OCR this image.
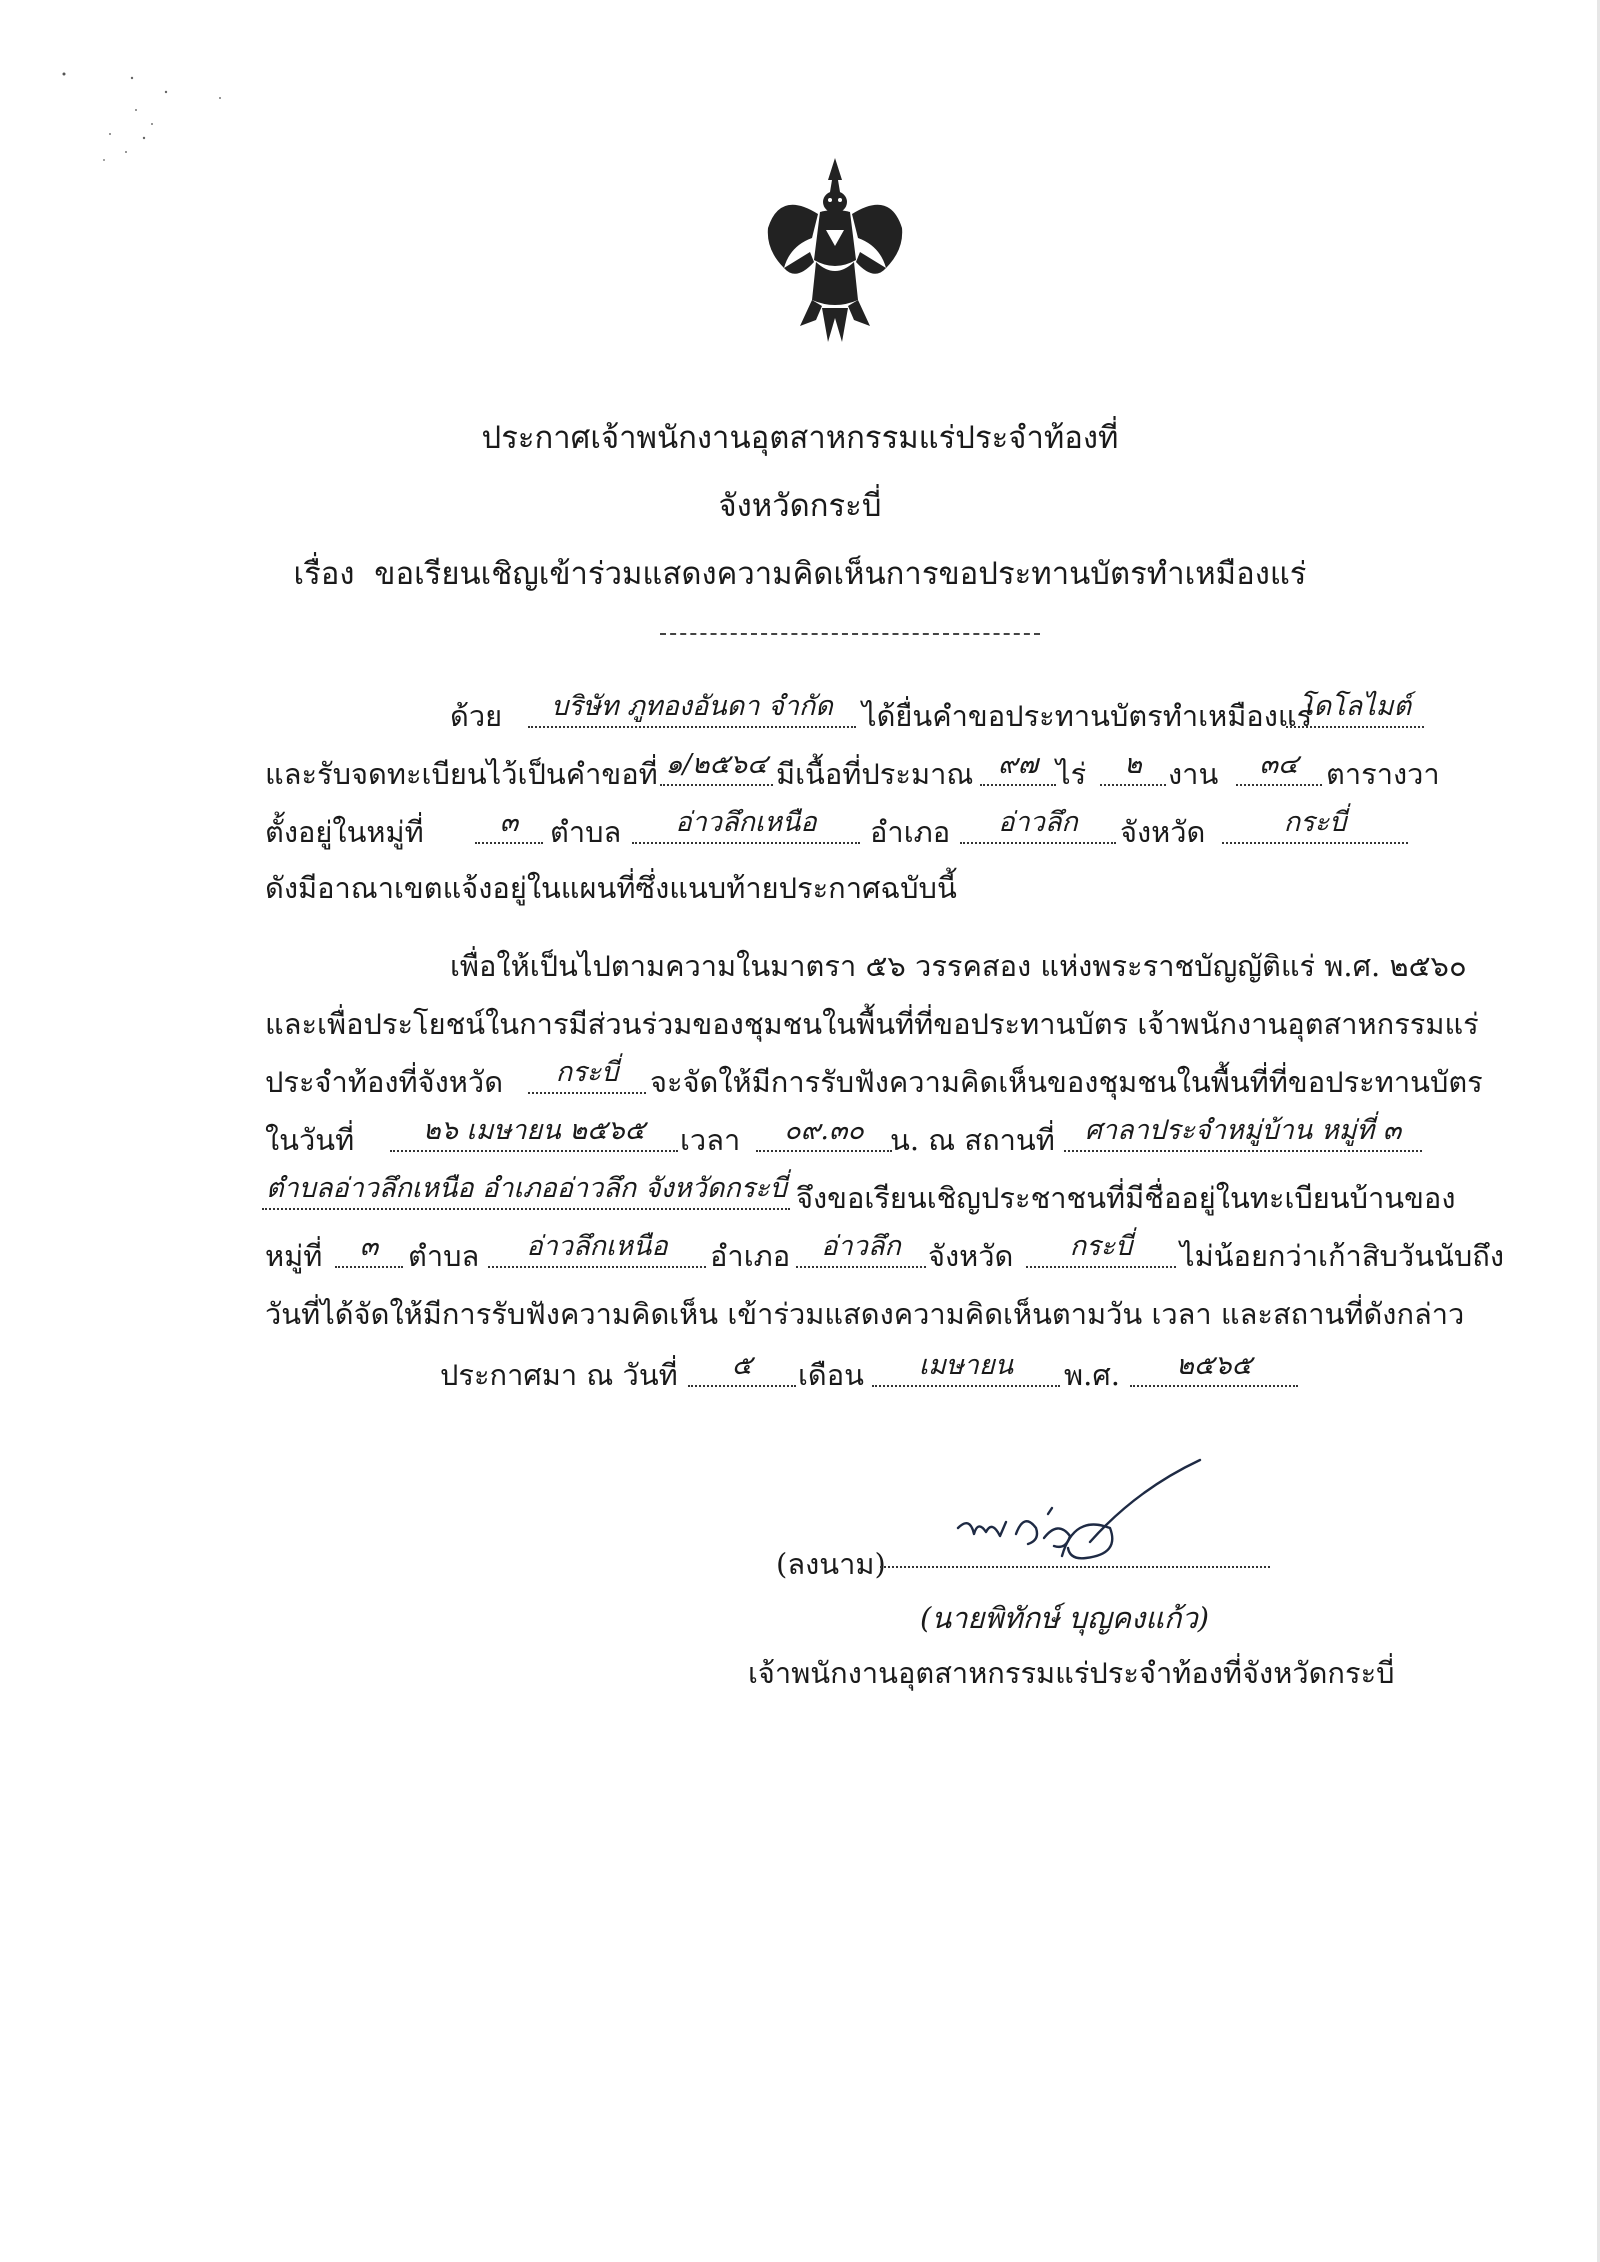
ประกาศเจ้าพนักงานอุตสาหกรรมแร่ประจำท้องที่
จังหวัดกระบี่
เรื่อง ขอเรียนเชิญเข้าร่วมแสดงความคิดเห็นการขอประทานบัตรทำเหมืองแร่
ด้วย	บริษัท ภูทองอันดา จำกัด	ได้ยื่นคำขอประทานบัตรทำเหมืองแร่
โดโลไมต์
และรับจดทะเบียนไว้เป็นคำขอที่ ๑/๒๕๖๔ มีเนื้อที่ประมาณ ๙๗ ไร่	๒ งาน	๓๔ ตารางวา
ตั้งอยู่ในหมู่ที่	๓	ตำบล	อ่าวลึกเหนือ	อำเภอ	อ่าวลึก	จังหวัด	กระบี่
ดังมีอาณาเขตแจ้งอยู่ในแผนที่ซึ่งแนบท้ายประกาศฉบับนี้
เพื่อให้เป็นไปตามความในมาตรา ๕๖ วรรคสอง แห่งพระราชบัญญัติแร่ พ.ศ. ๒๕๖๐
และเพื่อประโยชน์ในการมีส่วนร่วมของชุมชนในพื้นที่ที่ขอประทานบัตร เจ้าพนักงานอุตสาหกรรมแร่
ประจำท้องที่จังหวัด	กระบี่	จะจัดให้มีการรับฟังความคิดเห็นของชุมชนในพื้นที่ที่ขอประทานบัตร
ในวันที่	๒๖ เมษายน ๒๕๖๕	เวลา	๐๙.๓๐ น. ณ สถานที่	ศาลาประจำหมู่บ้าน หมู่ที่ ๓
ตำบลอ่าวลึกเหนือ อำเภออ่าวลึก จังหวัดกระบี่ จึงขอเรียนเชิญประชาชนที่มีชื่ออยู่ในทะเบียนบ้านของ
หมู่ที่	๓	ตำบล	อ่าวลึกเหนือ	อำเภอ	อ่าวลึก จังหวัด	กระบี่	ไม่น้อยกว่าเก้าสิบวันนับถึง
วันที่ได้จัดให้มีการรับฟังความคิดเห็น เข้าร่วมแสดงความคิดเห็นตามวัน เวลา และสถานที่ดังกล่าว
ประกาศมา ณ วันที่	๕	เดือน	เมษายน	พ.ศ.	๒๕๖๕
(ลงนาม)
(นายพิทักษ์ บุญคงแก้ว)
เจ้าพนักงานอุตสาหกรรมแร่ประจำท้องที่จังหวัดกระบี่
